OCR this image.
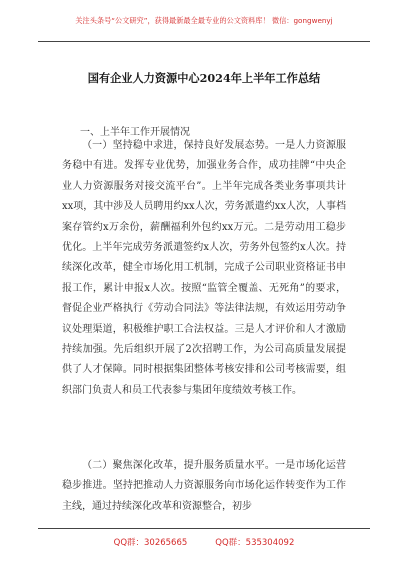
关注头条号“公文研究”，获得最新最全最专业的公文资料库！ 微信：gongwenyj
国有企业人力资源中心2024年上半年工作总结
一、上半年工作开展情况

（一）坚持稳中求进，保持良好发展态势。一是人力资源服务稳中有进。发挥专业优势，加强业务合作，成功挂牌“中央企业人力资源服务对接交流平台”。上半年完成各类业务事项共计xx项，其中涉及人员聘用约xx人次，劳务派遣约xx人次，人事档案存管约x万余份，薪酬福利外包约xx万元。二是劳动用工稳步优化。上半年完成劳务派遣签约x人次，劳务外包签约x人次。持续深化改革，健全市场化用工机制，完成子公司职业资格证书申报工作，累计申报x人次。按照“监管全覆盖、无死角”的要求，督促企业严格执行《劳动合同法》等法律法规，有效运用劳动争议处理渠道，积极维护职工合法权益。三是人才评价和人才激励持续加强。先后组织开展了2次招聘工作，为公司高质量发展提供了人才保障。同时根据集团整体考核安排和公司考核需要，组织部门负责人和员工代表参与集团年度绩效考核工作。

（二）聚焦深化改革，提升服务质量水平。一是市场化运营稳步推进。坚持把推动人力资源服务向市场化运作转变作为工作主线，通过持续深化改革和资源整合，初步

QQ群：30265665	QQ群：535304092
